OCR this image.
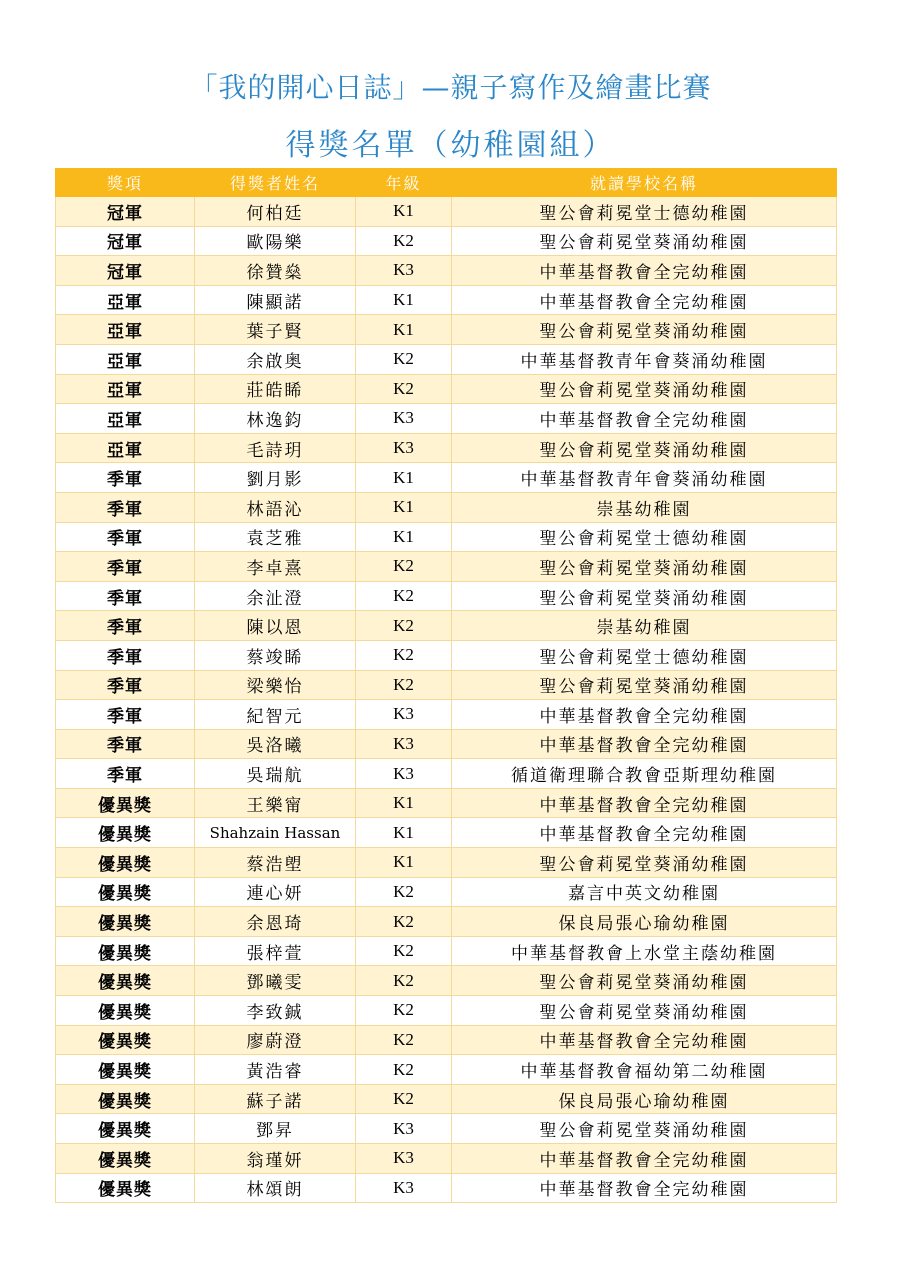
「我的開心日誌」—親子寫作及繪畫比賽
得獎名單（幼稚園組）
獎項	得獎者姓名	年級	就讀學校名稱
冠軍	何柏廷	K1	聖公會莉冕堂士德幼稚園
冠軍	歐陽樂	K2	聖公會莉冕堂葵涌幼稚園
冠軍	徐贊燊	K3	中華基督教會全完幼稚園
亞軍	陳顯諾	K1	中華基督教會全完幼稚園
亞軍	葉子賢	K1	聖公會莉冕堂葵涌幼稚園
亞軍	余啟奥	K2	中華基督教青年會葵涌幼稚園
亞軍	莊皓睎	K2	聖公會莉冕堂葵涌幼稚園
亞軍	林逸鈞	K3	中華基督教會全完幼稚園
亞軍	毛詩玥	K3	聖公會莉冕堂葵涌幼稚園
季軍	劉月影	K1	中華基督教青年會葵涌幼稚園
季軍	林語沁	K1	崇基幼稚園
季軍	袁芝雅	K1	聖公會莉冕堂士德幼稚園
季軍	李卓熹	K2	聖公會莉冕堂葵涌幼稚園
季軍	余沚澄	K2	聖公會莉冕堂葵涌幼稚園
季軍	陳以恩	K2	崇基幼稚園
季軍	蔡竣睎	K2	聖公會莉冕堂士德幼稚園
季軍	梁樂怡	K2	聖公會莉冕堂葵涌幼稚園
季軍	紀智元	K3	中華基督教會全完幼稚園
季軍	吳洛曦	K3	中華基督教會全完幼稚園
季軍	吳瑞航	K3	循道衛理聯合教會亞斯理幼稚園
優異獎	王樂甯	K1	中華基督教會全完幼稚園
優異獎	Shahzain Hassan	K1	中華基督教會全完幼稚園
優異獎	蔡浩塱	K1	聖公會莉冕堂葵涌幼稚園
優異獎	連心妍	K2	嘉言中英文幼稚園
優異獎	余恩琦	K2	保良局張心瑜幼稚園
優異獎	張梓萱	K2	中華基督教會上水堂主蔭幼稚園
優異獎	鄧曦雯	K2	聖公會莉冕堂葵涌幼稚園
優異獎	李致鋮	K2	聖公會莉冕堂葵涌幼稚園
優異獎	廖蔚澄	K2	中華基督教會全完幼稚園
優異獎	黃浩睿	K2	中華基督教會福幼第二幼稚園
優異獎	蘇子諾	K2	保良局張心瑜幼稚園
優異獎	鄧昇	K3	聖公會莉冕堂葵涌幼稚園
優異獎	翁瑾妍	K3	中華基督教會全完幼稚園
優異獎	林頌朗	K3	中華基督教會全完幼稚園
